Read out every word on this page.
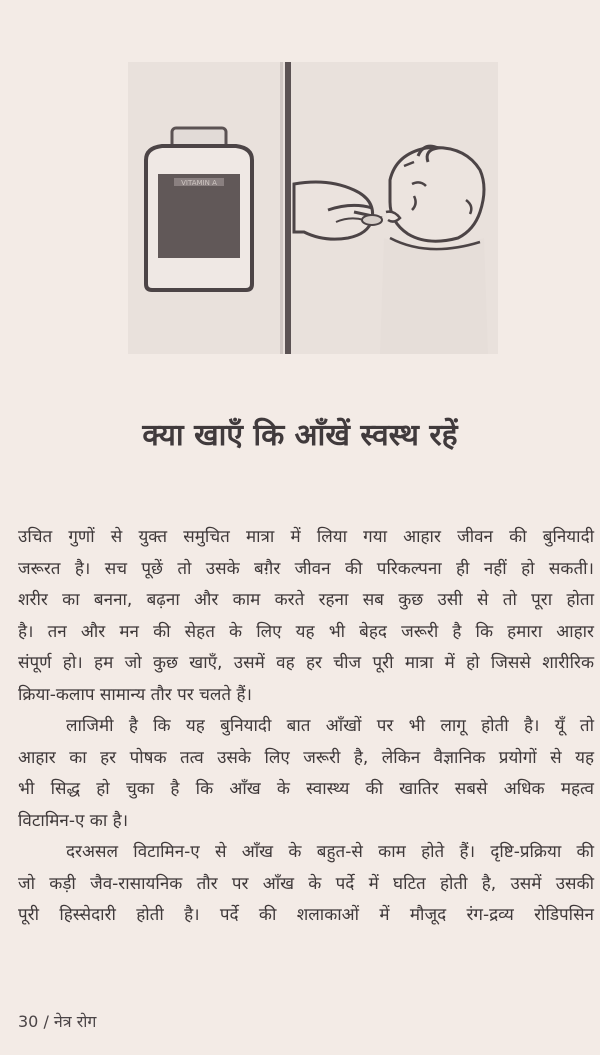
VITAMIN A
क्या खाएँ कि आँखें स्वस्थ रहें
उचित गुणों से युक्त समुचित मात्रा में लिया गया आहार जीवन की बुनियादी
जरूरत है। सच पूछें तो उसके बग़ैर जीवन की परिकल्पना ही नहीं हो सकती।
शरीर का बनना, बढ़ना और काम करते रहना सब कुछ उसी से तो पूरा होता
है। तन और मन की सेहत के लिए यह भी बेहद जरूरी है कि हमारा आहार
संपूर्ण हो। हम जो कुछ खाएँ, उसमें वह हर चीज पूरी मात्रा में हो जिससे शारीरिक
क्रिया-कलाप सामान्य तौर पर चलते हैं।
लाजिमी है कि यह बुनियादी बात आँखों पर भी लागू होती है। यूँ तो
आहार का हर पोषक तत्व उसके लिए जरूरी है, लेकिन वैज्ञानिक प्रयोगों से यह
भी सिद्ध हो चुका है कि आँख के स्वास्थ्य की खातिर सबसे अधिक महत्व
विटामिन-ए का है।
दरअसल विटामिन-ए से आँख के बहुत-से काम होते हैं। दृष्टि-प्रक्रिया की
जो कड़ी जैव-रासायनिक तौर पर आँख के पर्दे में घटित होती है, उसमें उसकी
पूरी हिस्सेदारी होती है। पर्दे की शलाकाओं में मौजूद रंग-द्रव्य रोडिपसिन
30 / नेत्र रोग
